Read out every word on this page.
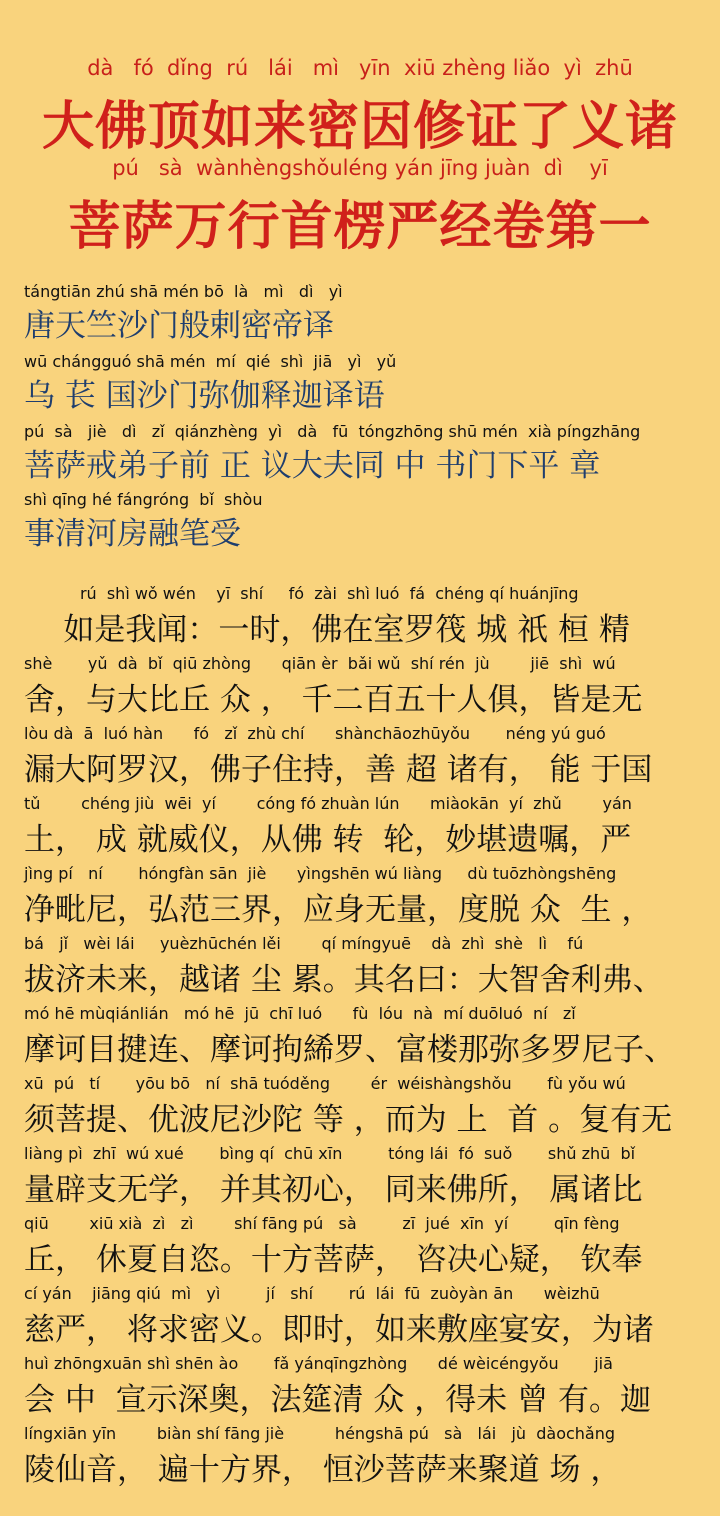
dà   fó  dǐng  rú   lái   mì   yīn  xiū zhèng liǎo  yì  zhū
大佛顶如来密因修证了义诸
pú   sà  wànhèngshǒuléng yán jīng juàn  dì    yī
菩萨万行首楞严经卷第一
tángtiān zhú shā mén bō  là   mì   dì   yì
唐天竺沙门般剌密帝译
wū chángguó shā mén  mí  qié  shì  jiā   yì   yǔ
乌 苌 国沙门弥伽释迦译语
pú  sà   jiè   dì   zǐ  qiánzhèng  yì   dà   fū  tóngzhōng shū mén  xià píngzhāng
菩萨戒弟子前 正 议大夫同 中 书门下平 章
shì qīng hé fángróng  bǐ  shòu
事清河房融笔受
rú  shì wǒ wén    yī  shí     fó  zài  shì luó  fá  chéng qí huánjīng
如是我闻：一时，佛在室罗筏 城 祇 桓 精
shè       yǔ  dà  bǐ  qiū zhòng      qiān èr  bǎi wǔ  shí rén  jù        jiē  shì  wú
舍，与大比丘 众 ， 千二百五十人俱，皆是无
lòu dà  ā  luó hàn      fó   zǐ  zhù chí      shànchāozhūyǒu       néng yú guó
漏大阿罗汉，佛子住持，善 超 诸有， 能 于国
tǔ        chéng jiù  wēi  yí        cóng fó zhuàn lún      miàokān  yí  zhǔ        yán
土， 成 就威仪，从佛 转  轮，妙堪遗嘱，严
jìng pí   ní       hóngfàn sān  jiè      yìngshēn wú liàng     dù tuōzhòngshēng
净毗尼，弘范三界，应身无量，度脱 众  生 ，
bá   jǐ   wèi lái     yuèzhūchén lěi        qí míngyuē    dà  zhì  shè   lì    fú
拔济未来，越诸 尘 累。其名曰：大智舍利弗、
mó hē mùqiánlián   mó hē  jū  chī luó      fù  lóu  nà  mí duōluó  ní   zǐ
摩诃目揵连、摩诃拘絺罗、富楼那弥多罗尼子、
xū  pú   tí       yōu bō   ní  shā tuóděng        ér  wéishàngshǒu       fù yǒu wú
须菩提、优波尼沙陀 等 ，而为 上  首 。复有无
liàng pì  zhī  wú xué       bìng qí  chū xīn         tóng lái  fó  suǒ       shǔ zhū  bǐ
量辟支无学， 并其初心， 同来佛所， 属诸比
qiū        xiū xià  zì   zì        shí fāng pú   sà         zī  jué  xīn  yí         qīn fèng
丘， 休夏自恣。十方菩萨， 咨决心疑， 钦奉
cí yán    jiāng qiú  mì   yì         jí   shí       rú  lái  fū  zuòyàn ān      wèizhū
慈严， 将求密义。即时，如来敷座宴安，为诸
huì zhōngxuān shì shēn ào       fǎ yánqīngzhòng      dé wèicéngyǒu       jiā
会 中  宣示深奥，法筵清 众 ，得未 曾 有。迦
língxiān yīn        biàn shí fāng jiè          héngshā pú   sà   lái   jù  dàochǎng
陵仙音， 遍十方界， 恒沙菩萨来聚道 场 ，
